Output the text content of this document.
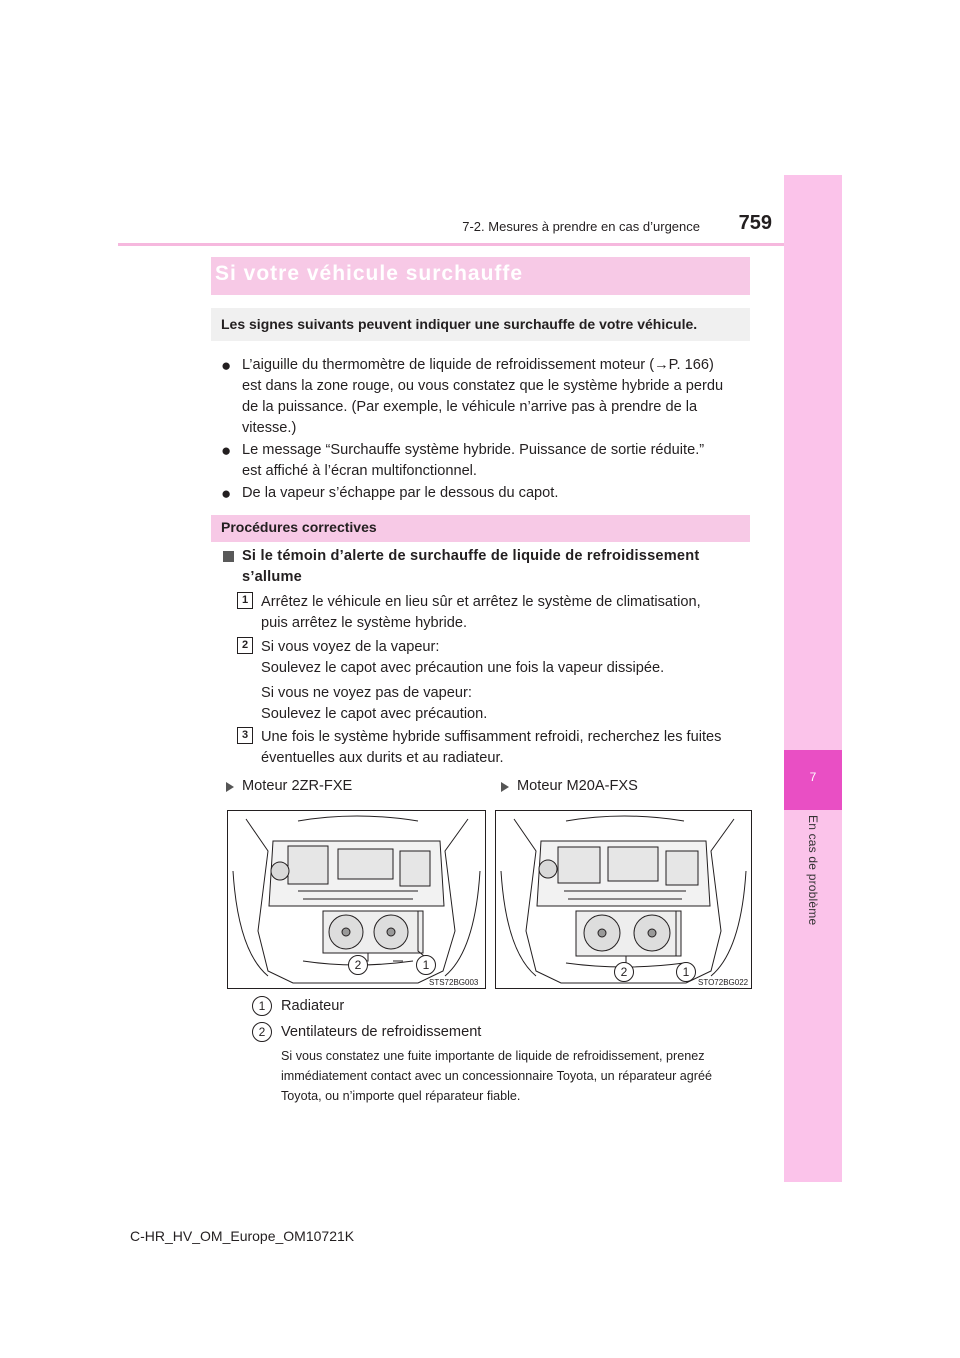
7-2. Mesures à prendre en cas d’urgence	759
7
En cas de problème
Si votre véhicule surchauffe
Les signes suivants peuvent indiquer une surchauffe de votre véhicule.
● L’aiguille du thermomètre de liquide de refroidissement moteur (→P. 166)
est dans la zone rouge, ou vous constatez que le système hybride a perdu
de la puissance. (Par exemple, le véhicule n’arrive pas à prendre de la
vitesse.)
● Le message “Surchauffe système hybride. Puissance de sortie réduite.”
est affiché à l’écran multifonctionnel.
● De la vapeur s’échappe par le dessous du capot.
Procédures correctives
Si le témoin d’alerte de surchauffe de liquide de refroidissement
s’allume
1 Arrêtez le véhicule en lieu sûr et arrêtez le système de climatisation,
puis arrêtez le système hybride.
2 Si vous voyez de la vapeur:
Soulevez le capot avec précaution une fois la vapeur dissipée.
Si vous ne voyez pas de vapeur:
Soulevez le capot avec précaution.
3 Une fois le système hybride suffisamment refroidi, recherchez les fuites
éventuelles aux durits et au radiateur.
Moteur 2ZR-FXE	Moteur M20A-FXS
2	1
STS72BG003
2	1
STO72BG022
1	Radiateur
2	Ventilateurs de refroidissement
Si vous constatez une fuite importante de liquide de refroidissement, prenez
immédiatement contact avec un concessionnaire Toyota, un réparateur agréé
Toyota, ou n’importe quel réparateur fiable.
C-HR_HV_OM_Europe_OM10721K
